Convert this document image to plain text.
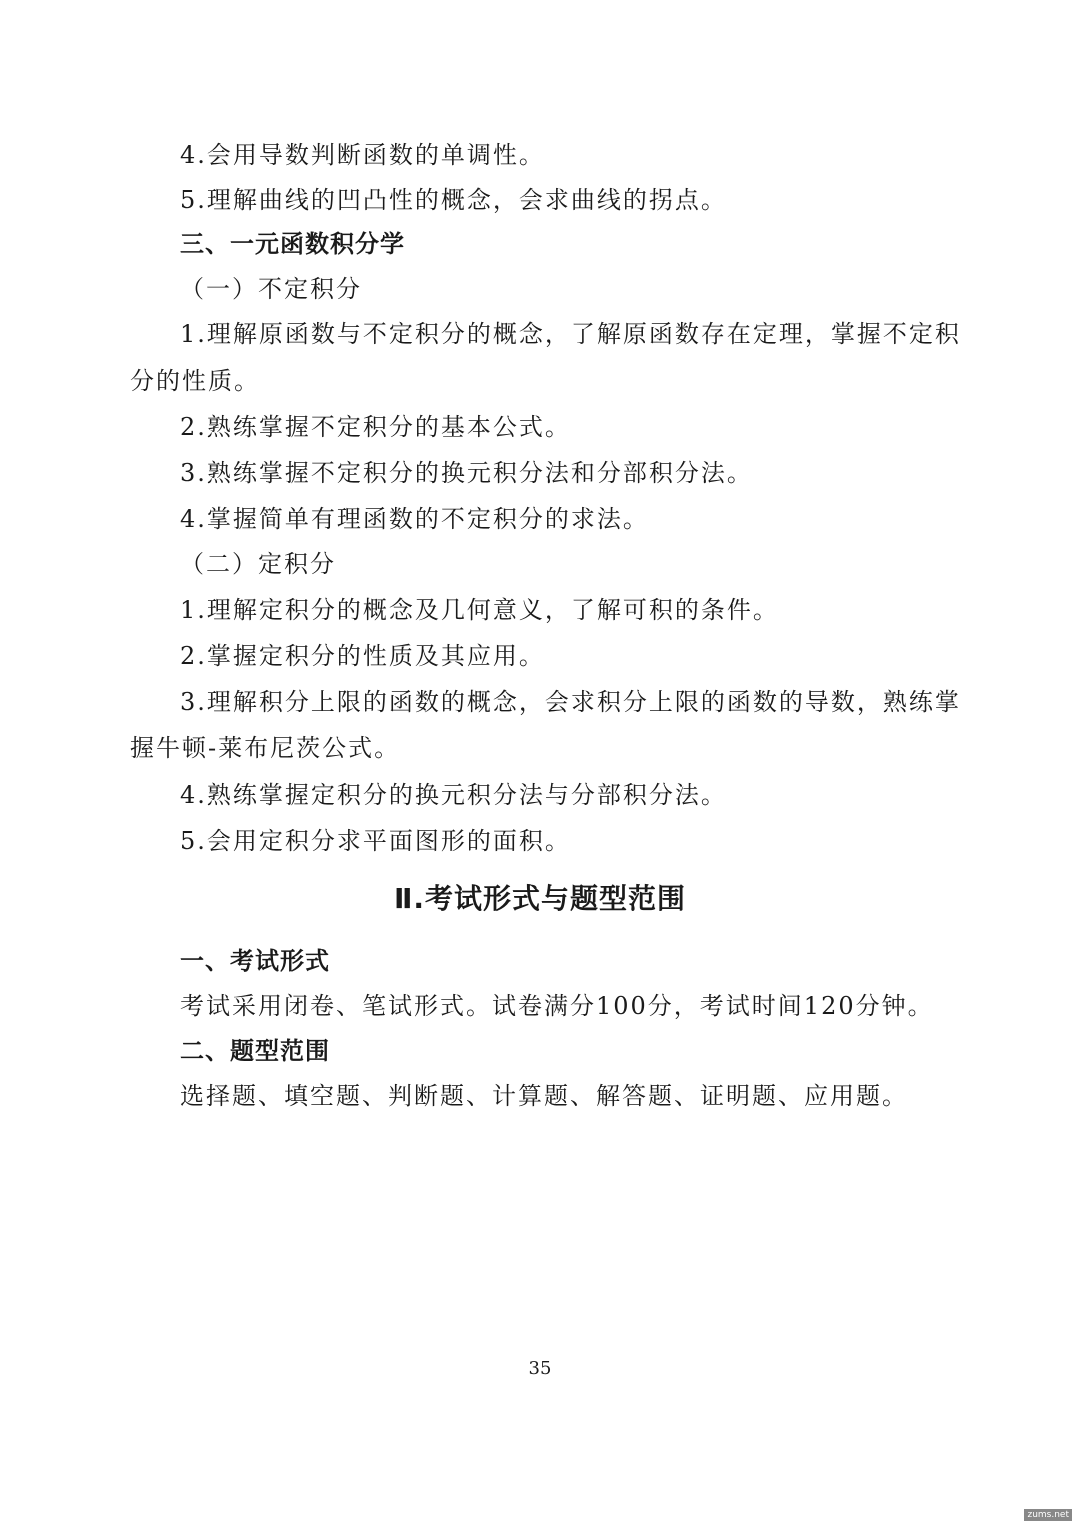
4.会用导数判断函数的单调性。
5.理解曲线的凹凸性的概念，会求曲线的拐点。
三、一元函数积分学
（一）不定积分
1.理解原函数与不定积分的概念，了解原函数存在定理，掌握不定积
分的性质。
2.熟练掌握不定积分的基本公式。
3.熟练掌握不定积分的换元积分法和分部积分法。
4.掌握简单有理函数的不定积分的求法。
（二）定积分
1.理解定积分的概念及几何意义，了解可积的条件。
2.掌握定积分的性质及其应用。
3.理解积分上限的函数的概念，会求积分上限的函数的导数，熟练掌
握牛顿-莱布尼茨公式。
4.熟练掌握定积分的换元积分法与分部积分法。
5.会用定积分求平面图形的面积。
Ⅱ.考试形式与题型范围
一、考试形式
考试采用闭卷、笔试形式。试卷满分100分，考试时间120分钟。
二、题型范围
选择题、填空题、判断题、计算题、解答题、证明题、应用题。
35
zums.net
